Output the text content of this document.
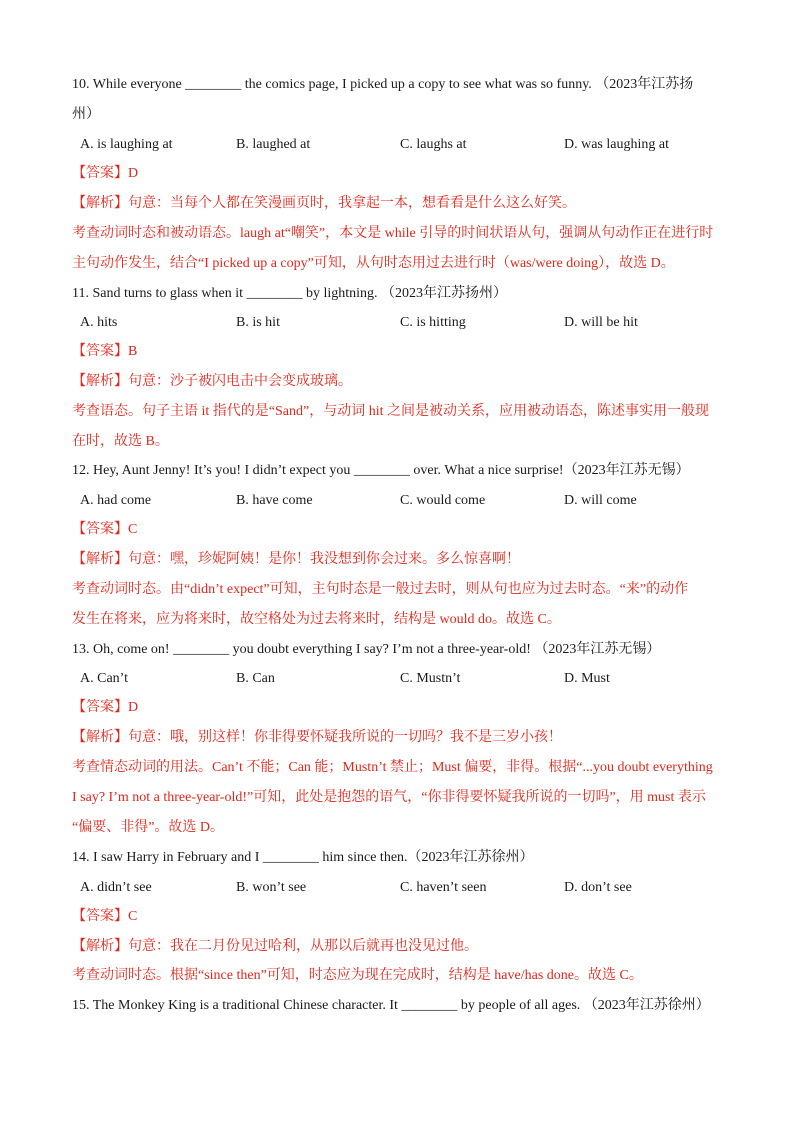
10. While everyone ________ the comics page, I picked up a copy to see what was so funny. （2023年江苏扬
州）
A. is laughing at	B. laughed at	C. laughs at	D. was laughing at
【答案】D
【解析】句意：当每个人都在笑漫画页时，我拿起一本，想看看是什么这么好笑。
考查动词时态和被动语态。laugh at“嘲笑”，本文是 while 引导的时间状语从句，强调从句动作正在进行时
主句动作发生，结合“I picked up a copy”可知，从句时态用过去进行时（was/were doing），故选 D。
11. Sand turns to glass when it ________ by lightning. （2023年江苏扬州）
A. hits	B. is hit	C. is hitting	D. will be hit
【答案】B
【解析】句意：沙子被闪电击中会变成玻璃。
考查语态。句子主语 it 指代的是“Sand”，与动词 hit 之间是被动关系，应用被动语态，陈述事实用一般现
在时，故选 B。
12. Hey, Aunt Jenny! It’s you! I didn’t expect you ________ over. What a nice surprise!（2023年江苏无锡）
A. had come	B. have come	C. would come	D. will come
【答案】C
【解析】句意：嘿，珍妮阿姨！是你！我没想到你会过来。多么惊喜啊！
考查动词时态。由“didn’t expect”可知，主句时态是一般过去时，则从句也应为过去时态。“来”的动作
发生在将来，应为将来时，故空格处为过去将来时，结构是 would do。故选 C。
13. Oh, come on! ________ you doubt everything I say? I’m not a three-year-old! （2023年江苏无锡）
A. Can’t	B. Can	C. Mustn’t	D. Must
【答案】D
【解析】句意：哦，别这样！你非得要怀疑我所说的一切吗？我不是三岁小孩！
考查情态动词的用法。Can’t 不能；Can 能；Mustn’t 禁止；Must 偏要，非得。根据“...you doubt everything
I say? I’m not a three-year-old!”可知，此处是抱怨的语气，“你非得要怀疑我所说的一切吗”，用 must 表示
“偏要、非得”。故选 D。
14. I saw Harry in February and I ________ him since then.（2023年江苏徐州）
A. didn’t see	B. won’t see	C. haven’t seen	D. don’t see
【答案】C
【解析】句意：我在二月份见过哈利，从那以后就再也没见过他。
考查动词时态。根据“since then”可知，时态应为现在完成时，结构是 have/has done。故选 C。
15. The Monkey King is a traditional Chinese character. It ________ by people of all ages. （2023年江苏徐州）
